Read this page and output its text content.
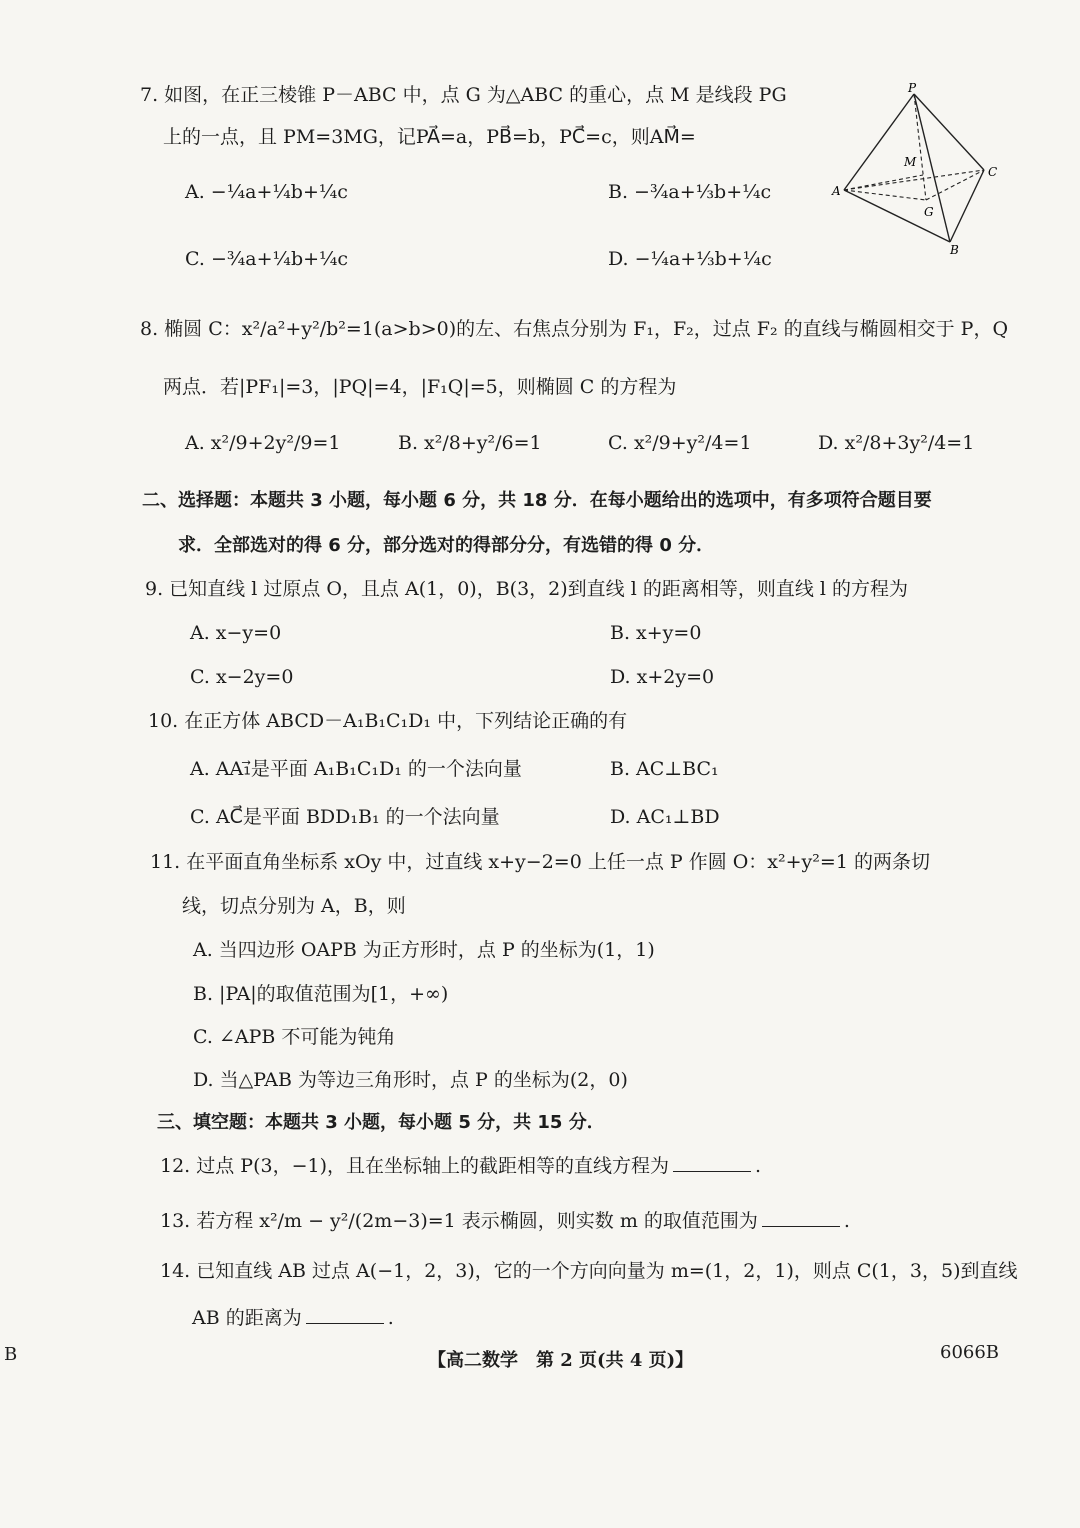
7. 如图，在正三棱锥 P－ABC 中，点 G 为△ABC 的重心，点 M 是线段 PG
上的一点，且 PM=3MG，记PA⃗=a，PB⃗=b，PC⃗=c，则AM⃗=
A. −¼a+¼b+¼c	B. −¾a+⅓b+¼c
C. −¾a+¼b+¼c	D. −¼a+⅓b+¼c
P
A
B
C
M
G
8. 椭圆 C：x²/a²+y²/b²=1(a>b>0)的左、右焦点分别为 F₁，F₂，过点 F₂ 的直线与椭圆相交于 P，Q
两点．若|PF₁|=3，|PQ|=4，|F₁Q|=5，则椭圆 C 的方程为
A. x²/9+2y²/9=1	B. x²/8+y²/6=1	C. x²/9+y²/4=1	D. x²/8+3y²/4=1
二、选择题：本题共 3 小题，每小题 6 分，共 18 分．在每小题给出的选项中，有多项符合题目要
求．全部选对的得 6 分，部分选对的得部分分，有选错的得 0 分．
9. 已知直线 l 过原点 O，且点 A(1，0)，B(3，2)到直线 l 的距离相等，则直线 l 的方程为
A. x−y=0	B. x+y=0
C. x−2y=0	D. x+2y=0
10. 在正方体 ABCD－A₁B₁C₁D₁ 中，下列结论正确的有
A. AA₁⃗是平面 A₁B₁C₁D₁ 的一个法向量	B. AC⊥BC₁
C. AC⃗是平面 BDD₁B₁ 的一个法向量	D. AC₁⊥BD
11. 在平面直角坐标系 xOy 中，过直线 x+y−2=0 上任一点 P 作圆 O：x²+y²=1 的两条切
线，切点分别为 A，B，则
A. 当四边形 OAPB 为正方形时，点 P 的坐标为(1，1)
B. |PA|的取值范围为[1，+∞)
C. ∠APB 不可能为钝角
D. 当△PAB 为等边三角形时，点 P 的坐标为(2，0)
三、填空题：本题共 3 小题，每小题 5 分，共 15 分．
12. 过点 P(3，−1)，且在坐标轴上的截距相等的直线方程为	.
13. 若方程 x²/m − y²/(2m−3)=1 表示椭圆，则实数 m 的取值范围为	.
14. 已知直线 AB 过点 A(−1，2，3)，它的一个方向向量为 m=(1，2，1)，则点 C(1，3，5)到直线
AB 的距离为	.
B	【高二数学　第 2 页(共 4 页)】	6066B
